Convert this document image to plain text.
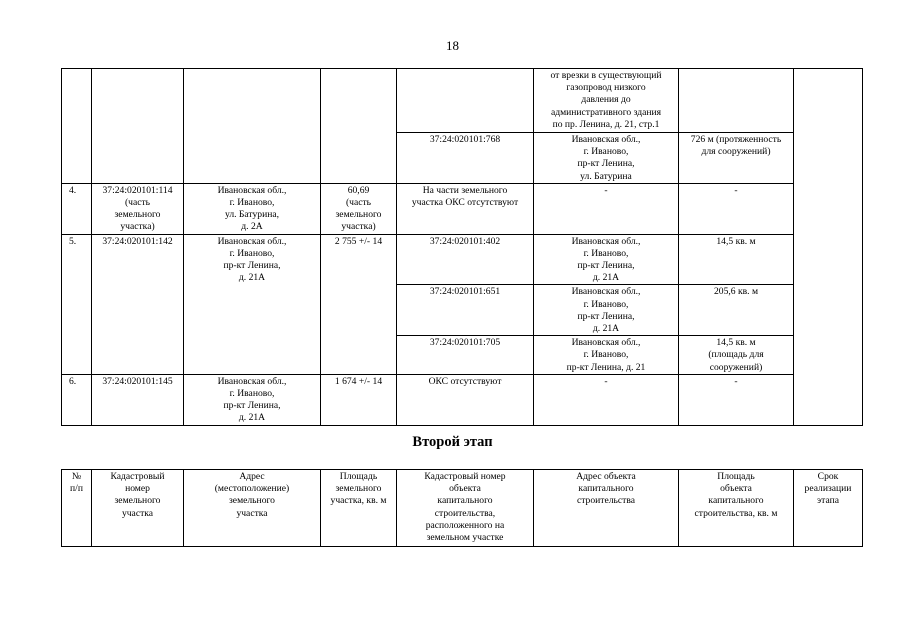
18
					от врезки в существующий
газопровод низкого
давления до
административного здания
по пр. Ленина, д. 21, стр.1		
				37:24:020101:768	Ивановская обл.,
г. Иваново,
пр-кт Ленина,
ул. Батурина	726 м (протяженность
для сооружений)	
4.	37:24:020101:114
(часть
земельного
участка)	Ивановская обл.,
г. Иваново,
ул. Батурина,
д. 2А	60,69
(часть
земельного
участка)	На части земельного
участка ОКС отсутствуют	-	-	
5.	37:24:020101:142	Ивановская обл.,
г. Иваново,
пр-кт Ленина,
д. 21А	2 755 +/- 14	37:24:020101:402	Ивановская обл.,
г. Иваново,
пр-кт Ленина,
д. 21А	14,5 кв. м	
				37:24:020101:651	Ивановская обл.,
г. Иваново,
пр-кт Ленина,
д. 21А	205,6 кв. м	
				37:24:020101:705	Ивановская обл.,
г. Иваново,
пр-кт Ленина, д. 21	14,5 кв. м
(площадь для
сооружений)	
6.	37:24:020101:145	Ивановская обл.,
г. Иваново,
пр-кт Ленина,
д. 21А	1 674 +/- 14	ОКС отсутствуют	-	-	
Второй этап
№
п/п	Кадастровый
номер
земельного
участка	Адрес
(местоположение)
земельного
участка	Площадь
земельного
участка, кв. м	Кадастровый номер
объекта
капитального
строительства,
расположенного на
земельном участке	Адрес объекта
капитального
строительства	Площадь
объекта
капитального
строительства, кв. м	Срок
реализации
этапа
